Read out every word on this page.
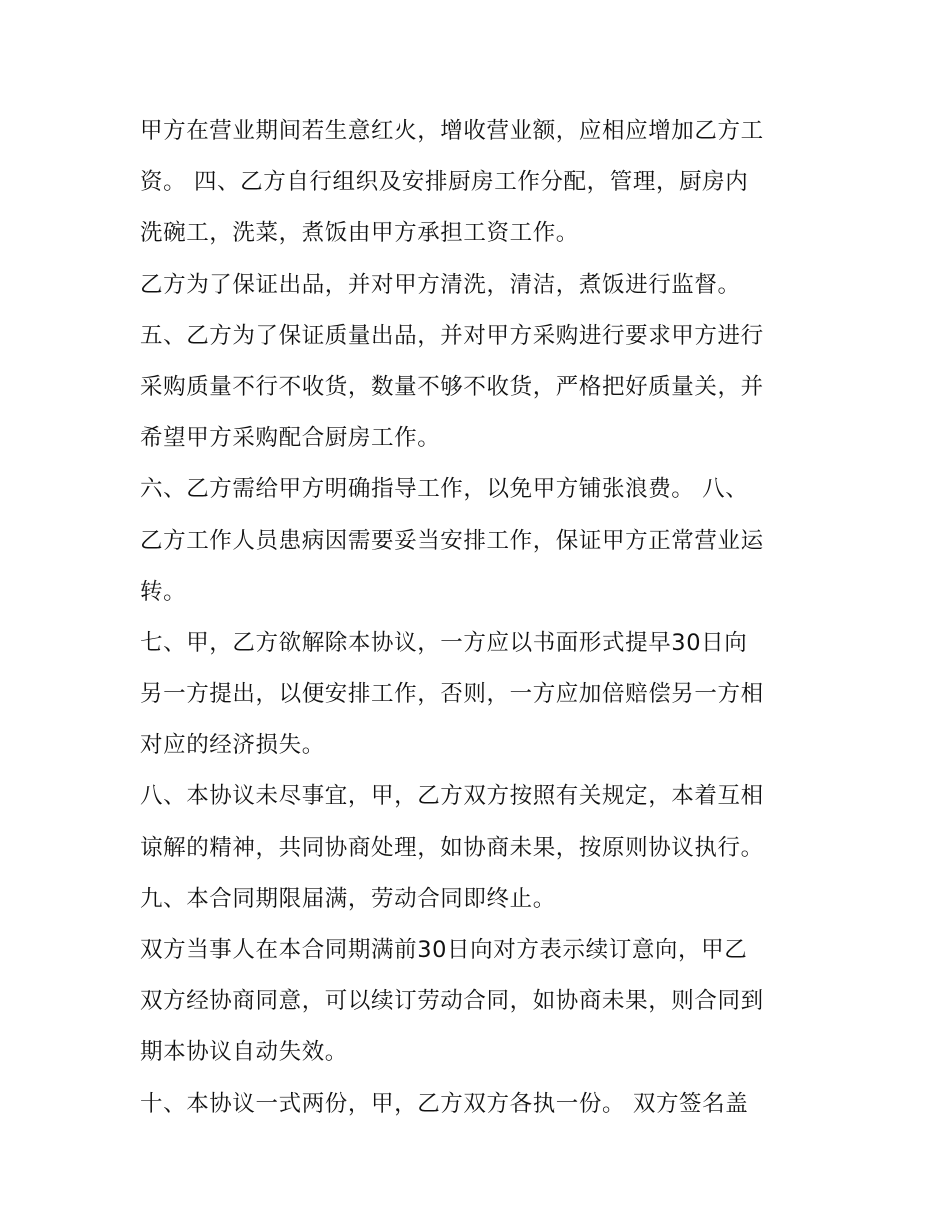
甲方在营业期间若生意红火，增收营业额，应相应增加乙方工
资。 四、乙方自行组织及安排厨房工作分配，管理，厨房内
洗碗工，洗菜，煮饭由甲方承担工资工作。
乙方为了保证出品，并对甲方清洗，清洁，煮饭进行监督。
五、乙方为了保证质量出品，并对甲方采购进行要求甲方进行
采购质量不行不收货，数量不够不收货，严格把好质量关，并
希望甲方采购配合厨房工作。
六、乙方需给甲方明确指导工作，以免甲方铺张浪费。 八、
乙方工作人员患病因需要妥当安排工作，保证甲方正常营业运
转。
七、甲，乙方欲解除本协议，一方应以书面形式提早30日向
另一方提出，以便安排工作，否则，一方应加倍赔偿另一方相
对应的经济损失。
八、本协议未尽事宜，甲，乙方双方按照有关规定，本着互相
谅解的精神，共同协商处理，如协商未果，按原则协议执行。
九、本合同期限届满，劳动合同即终止。
双方当事人在本合同期满前30日向对方表示续订意向，甲乙
双方经协商同意，可以续订劳动合同，如协商未果，则合同到
期本协议自动失效。
十、本协议一式两份，甲，乙方双方各执一份。 双方签名盖
